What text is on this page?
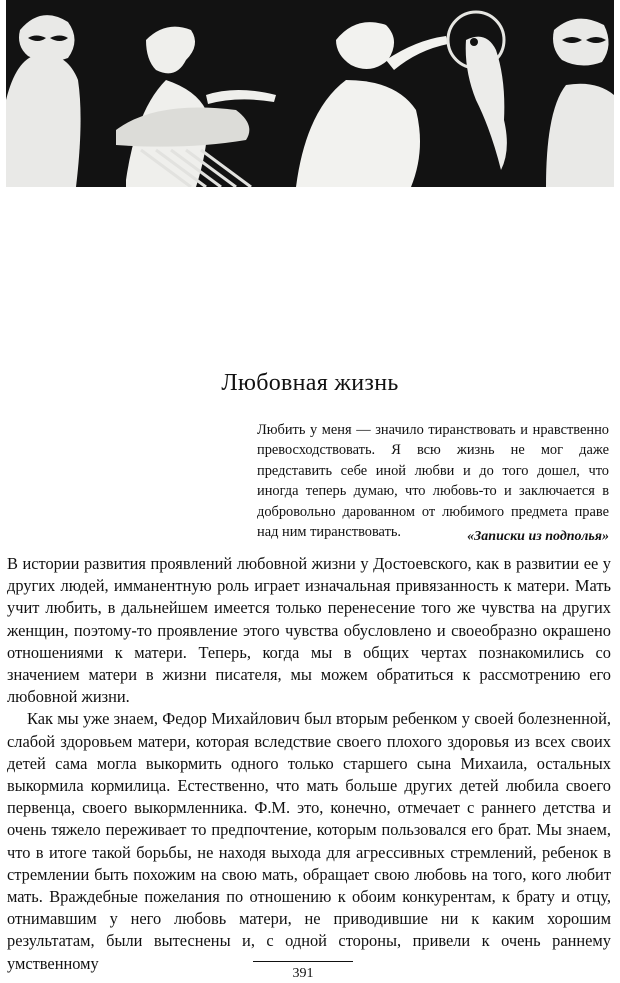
Любовная жизнь

Любить у меня — значило тиранствовать и нравственно превосходствовать. Я всю жизнь не мог даже представить себе иной любви и до того дошел, что иногда теперь думаю, что любовь-то и заключается в добровольно дарованном от любимого предмета праве над ним тиранствовать.	«Записки из подполья»

В истории развития проявлений любовной жизни у Достоевского, как в развитии ее у других людей, имманентную роль играет изначальная привязанность к матери. Мать учит любить, в дальнейшем имеется только перенесение того же чувства на других женщин, поэтому-то проявление этого чувства обусловлено и своеобразно окрашено отношениями к матери. Теперь, когда мы в общих чертах познакомились со значением матери в жизни писателя, мы можем обратиться к рассмотрению его любовной жизни.

Как мы уже знаем, Федор Михайлович был вторым ребенком у своей болезненной, слабой здоровьем матери, которая вследствие своего плохого здоровья из всех своих детей сама могла выкормить одного только старшего сына Михаила, остальных выкормила кормилица. Естественно, что мать больше других детей любила своего первенца, своего выкормленника. Ф.М. это, конечно, отмечает с раннего детства и очень тяжело переживает то предпочтение, которым пользовался его брат. Мы знаем, что в итоге такой борьбы, не находя выхода для агрессивных стремлений, ребенок в стремлении быть похожим на свою мать, обращает свою любовь на того, кого любит мать. Враждебные пожелания по отношению к обоим конкурентам, к брату и отцу, отнимавшим у него любовь матери, не приводившие ни к каким хорошим результатам, были вытеснены и, с одной стороны, привели к очень раннему умственному

391
